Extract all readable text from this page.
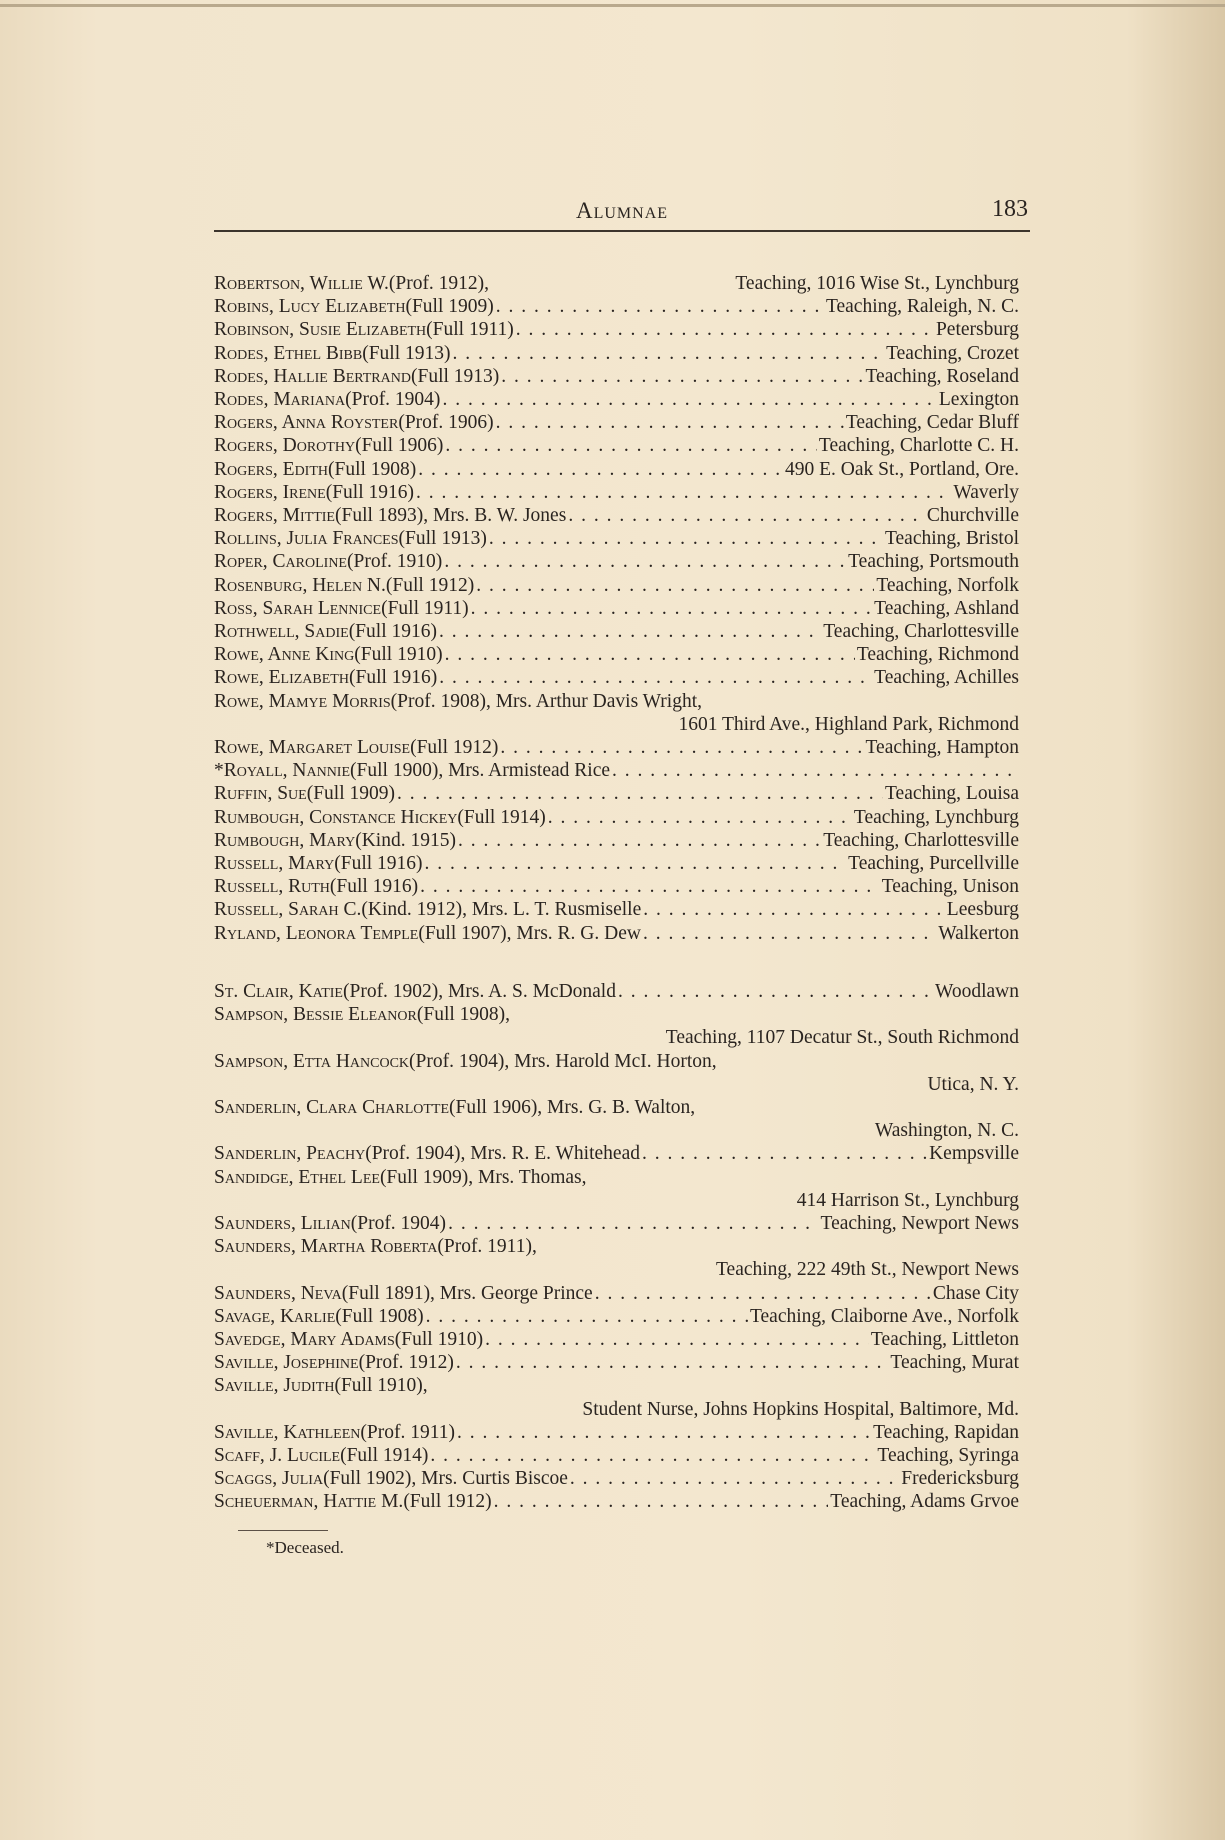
Alumnae	183
Robertson, Willie W. (Prof. 1912),	Teaching, 1016 Wise St., Lynchburg
Robins, Lucy Elizabeth (Full 1909) . . .	Teaching, Raleigh, N. C.
Robinson, Susie Elizabeth (Full 1911) . . .	Petersburg
Rodes, Ethel Bibb (Full 1913) . . .	Teaching, Crozet
Rodes, Hallie Bertrand (Full 1913) . . .	Teaching, Roseland
Rodes, Mariana (Prof. 1904) . . .	Lexington
Rogers, Anna Royster (Prof. 1906) . . .	Teaching, Cedar Bluff
Rogers, Dorothy (Full 1906) . . .	Teaching, Charlotte C. H.
Rogers, Edith (Full 1908) . . .	490 E. Oak St., Portland, Ore.
Rogers, Irene (Full 1916) . . .	Waverly
Rogers, Mittie (Full 1893), Mrs. B. W. Jones . . .	Churchville
Rollins, Julia Frances (Full 1913) . . .	Teaching, Bristol
Roper, Caroline (Prof. 1910) . . .	Teaching, Portsmouth
Rosenburg, Helen N. (Full 1912) . . .	Teaching, Norfolk
Ross, Sarah Lennice (Full 1911) . . .	Teaching, Ashland
Rothwell, Sadie (Full 1916) . . .	Teaching, Charlottesville
Rowe, Anne King (Full 1910) . . .	Teaching, Richmond
Rowe, Elizabeth (Full 1916) . . .	Teaching, Achilles
Rowe, Mamye Morris (Prof. 1908), Mrs. Arthur Davis Wright,
1601 Third Ave., Highland Park, Richmond
Rowe, Margaret Louise (Full 1912) . . .	Teaching, Hampton
*Royall, Nannie (Full 1900), Mrs. Armistead Rice
. . .
Ruffin, Sue (Full 1909) . . .	Teaching, Louisa
Rumbough, Constance Hickey (Full 1914) . . .	Teaching, Lynchburg
Rumbough, Mary (Kind. 1915) . . .	Teaching, Charlottesville
Russell, Mary (Full 1916) . . .	Teaching, Purcellville
Russell, Ruth (Full 1916) . . .	Teaching, Unison
Russell, Sarah C. (Kind. 1912), Mrs. L. T. Rusmiselle . . .	Leesburg
Ryland, Leonora Temple (Full 1907), Mrs. R. G. Dew . . .	Walkerton
St. Clair, Katie (Prof. 1902), Mrs. A. S. McDonald . . .	Woodlawn
Sampson, Bessie Eleanor (Full 1908),
Teaching, 1107 Decatur St., South Richmond
Sampson, Etta Hancock (Prof. 1904), Mrs. Harold McI. Horton,
Utica, N. Y.
Sanderlin, Clara Charlotte (Full 1906), Mrs. G. B. Walton,
Washington, N. C.
Sanderlin, Peachy (Prof. 1904), Mrs. R. E. Whitehead . . .	Kempsville
Sandidge, Ethel Lee (Full 1909), Mrs. Thomas,
414 Harrison St., Lynchburg
Saunders, Lilian (Prof. 1904) . . .	Teaching, Newport News
Saunders, Martha Roberta (Prof. 1911),
Teaching, 222 49th St., Newport News
Saunders, Neva (Full 1891), Mrs. George Prince . . .	Chase City
Savage, Karlie (Full 1908) . . .	Teaching, Claiborne Ave., Norfolk
Savedge, Mary Adams (Full 1910) . . .	Teaching, Littleton
Saville, Josephine (Prof. 1912) . . .	Teaching, Murat
Saville, Judith (Full 1910),
Student Nurse, Johns Hopkins Hospital, Baltimore, Md.
Saville, Kathleen (Prof. 1911) . . .	Teaching, Rapidan
Scaff, J. Lucile (Full 1914) . . .	Teaching, Syringa
Scaggs, Julia (Full 1902), Mrs. Curtis Biscoe . . .	Fredericksburg
Scheuerman, Hattie M. (Full 1912) . . .	Teaching, Adams Grvoe
*Deceased.
